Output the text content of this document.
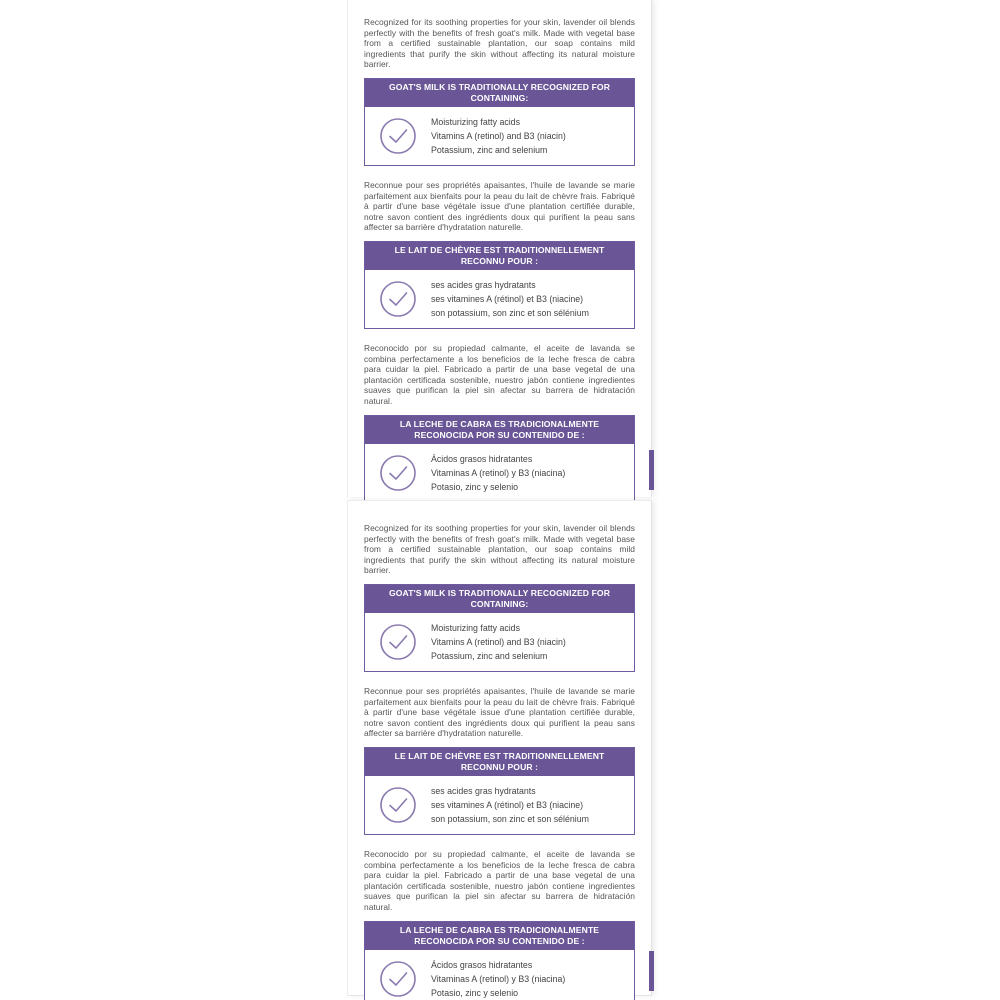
Recognized for its soothing properties for your skin, lavender oil blends perfectly with the benefits of fresh goat's milk. Made with vegetal base from a certified sustainable plantation, our soap contains mild ingredients that purify the skin without affecting its natural moisture barrier.

GOAT'S MILK IS TRADITIONALLY RECOGNIZED FOR CONTAINING:
Moisturizing fatty acids
Vitamins A (retinol) and B3 (niacin)
Potassium, zinc and selenium

Reconnue pour ses propriétés apaisantes, l'huile de lavande se marie parfaitement aux bienfaits pour la peau du lait de chèvre frais. Fabriqué à partir d'une base végétale issue d'une plantation certifiée durable, notre savon contient des ingrédients doux qui purifient la peau sans affecter sa barrière d'hydratation naturelle.

LE LAIT DE CHÈVRE EST TRADITIONNELLEMENT RECONNU POUR :
ses acides gras hydratants
ses vitamines A (rétinol) et B3 (niacine)
son potassium, son zinc et son sélénium

Reconocido por su propiedad calmante, el aceite de lavanda se combina perfectamente a los beneficios de la leche fresca de cabra para cuidar la piel. Fabricado a partir de una base vegetal de una plantación certificada sostenible, nuestro jabón contiene ingredientes suaves que purifican la piel sin afectar su barrera de hidratación natural.

LA LECHE DE CABRA ES TRADICIONALMENTE RECONOCIDA POR SU CONTENIDO DE :
Ácidos grasos hidratantes
Vitaminas A (retinol) y B3 (niacina)
Potasio, zinc y selenio

Recognized for its soothing properties for your skin, lavender oil blends perfectly with the benefits of fresh goat's milk. Made with vegetal base from a certified sustainable plantation, our soap contains mild ingredients that purify the skin without affecting its natural moisture barrier.

GOAT'S MILK IS TRADITIONALLY RECOGNIZED FOR CONTAINING:
Moisturizing fatty acids
Vitamins A (retinol) and B3 (niacin)
Potassium, zinc and selenium

Reconnue pour ses propriétés apaisantes, l'huile de lavande se marie parfaitement aux bienfaits pour la peau du lait de chèvre frais. Fabriqué à partir d'une base végétale issue d'une plantation certifiée durable, notre savon contient des ingrédients doux qui purifient la peau sans affecter sa barrière d'hydratation naturelle.

LE LAIT DE CHÈVRE EST TRADITIONNELLEMENT RECONNU POUR :
ses acides gras hydratants
ses vitamines A (rétinol) et B3 (niacine)
son potassium, son zinc et son sélénium

Reconocido por su propiedad calmante, el aceite de lavanda se combina perfectamente a los beneficios de la leche fresca de cabra para cuidar la piel. Fabricado a partir de una base vegetal de una plantación certificada sostenible, nuestro jabón contiene ingredientes suaves que purifican la piel sin afectar su barrera de hidratación natural.

LA LECHE DE CABRA ES TRADICIONALMENTE RECONOCIDA POR SU CONTENIDO DE :
Ácidos grasos hidratantes
Vitaminas A (retinol) y B3 (niacina)
Potasio, zinc y selenio
